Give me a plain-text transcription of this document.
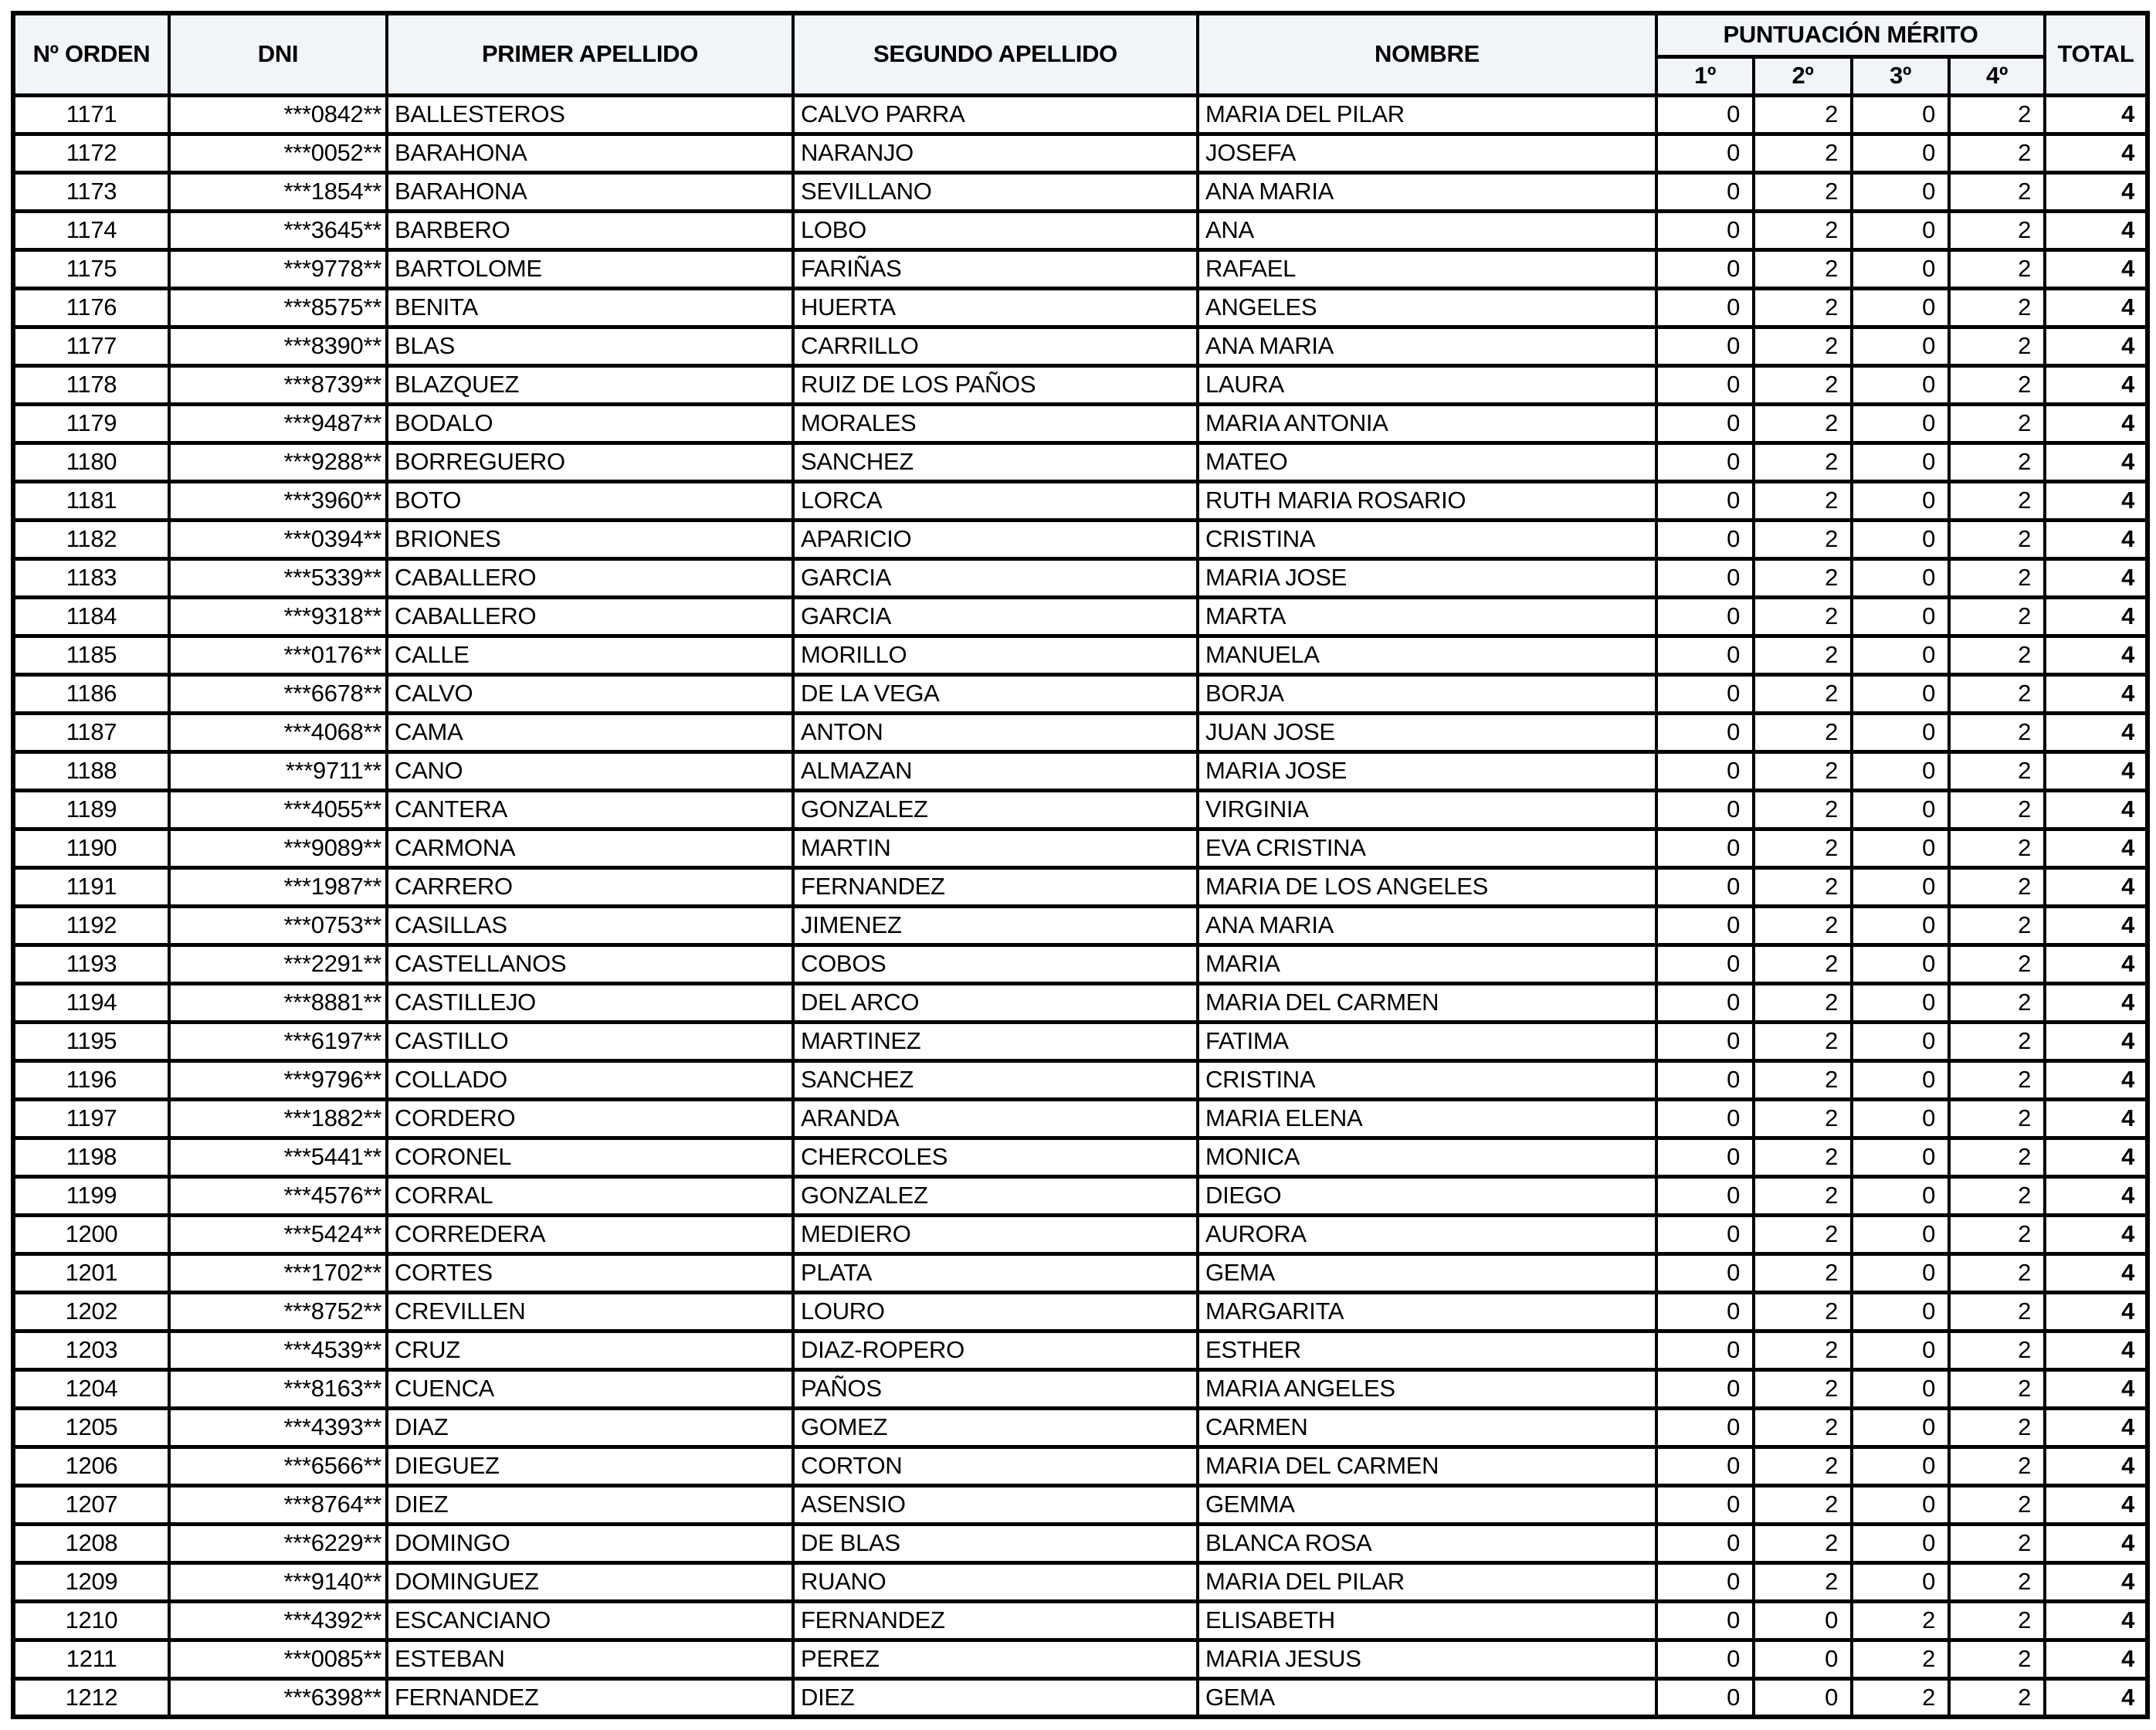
Nº ORDEN	DNI	PRIMER APELLIDO	SEGUNDO APELLIDO	NOMBRE	PUNTUACIÓN MÉRITO				TOTAL
					1º	2º	3º	4º	
1171	***0842**	BALLESTEROS	CALVO PARRA	MARIA DEL PILAR	0	2	0	2	4
1172	***0052**	BARAHONA	NARANJO	JOSEFA	0	2	0	2	4
1173	***1854**	BARAHONA	SEVILLANO	ANA MARIA	0	2	0	2	4
1174	***3645**	BARBERO	LOBO	ANA	0	2	0	2	4
1175	***9778**	BARTOLOME	FARIÑAS	RAFAEL	0	2	0	2	4
1176	***8575**	BENITA	HUERTA	ANGELES	0	2	0	2	4
1177	***8390**	BLAS	CARRILLO	ANA MARIA	0	2	0	2	4
1178	***8739**	BLAZQUEZ	RUIZ DE LOS PAÑOS	LAURA	0	2	0	2	4
1179	***9487**	BODALO	MORALES	MARIA ANTONIA	0	2	0	2	4
1180	***9288**	BORREGUERO	SANCHEZ	MATEO	0	2	0	2	4
1181	***3960**	BOTO	LORCA	RUTH MARIA ROSARIO	0	2	0	2	4
1182	***0394**	BRIONES	APARICIO	CRISTINA	0	2	0	2	4
1183	***5339**	CABALLERO	GARCIA	MARIA JOSE	0	2	0	2	4
1184	***9318**	CABALLERO	GARCIA	MARTA	0	2	0	2	4
1185	***0176**	CALLE	MORILLO	MANUELA	0	2	0	2	4
1186	***6678**	CALVO	DE LA VEGA	BORJA	0	2	0	2	4
1187	***4068**	CAMA	ANTON	JUAN JOSE	0	2	0	2	4
1188	***9711**	CANO	ALMAZAN	MARIA JOSE	0	2	0	2	4
1189	***4055**	CANTERA	GONZALEZ	VIRGINIA	0	2	0	2	4
1190	***9089**	CARMONA	MARTIN	EVA CRISTINA	0	2	0	2	4
1191	***1987**	CARRERO	FERNANDEZ	MARIA DE LOS ANGELES	0	2	0	2	4
1192	***0753**	CASILLAS	JIMENEZ	ANA MARIA	0	2	0	2	4
1193	***2291**	CASTELLANOS	COBOS	MARIA	0	2	0	2	4
1194	***8881**	CASTILLEJO	DEL ARCO	MARIA DEL CARMEN	0	2	0	2	4
1195	***6197**	CASTILLO	MARTINEZ	FATIMA	0	2	0	2	4
1196	***9796**	COLLADO	SANCHEZ	CRISTINA	0	2	0	2	4
1197	***1882**	CORDERO	ARANDA	MARIA ELENA	0	2	0	2	4
1198	***5441**	CORONEL	CHERCOLES	MONICA	0	2	0	2	4
1199	***4576**	CORRAL	GONZALEZ	DIEGO	0	2	0	2	4
1200	***5424**	CORREDERA	MEDIERO	AURORA	0	2	0	2	4
1201	***1702**	CORTES	PLATA	GEMA	0	2	0	2	4
1202	***8752**	CREVILLEN	LOURO	MARGARITA	0	2	0	2	4
1203	***4539**	CRUZ	DIAZ-ROPERO	ESTHER	0	2	0	2	4
1204	***8163**	CUENCA	PAÑOS	MARIA ANGELES	0	2	0	2	4
1205	***4393**	DIAZ	GOMEZ	CARMEN	0	2	0	2	4
1206	***6566**	DIEGUEZ	CORTON	MARIA DEL CARMEN	0	2	0	2	4
1207	***8764**	DIEZ	ASENSIO	GEMMA	0	2	0	2	4
1208	***6229**	DOMINGO	DE BLAS	BLANCA ROSA	0	2	0	2	4
1209	***9140**	DOMINGUEZ	RUANO	MARIA DEL PILAR	0	2	0	2	4
1210	***4392**	ESCANCIANO	FERNANDEZ	ELISABETH	0	0	2	2	4
1211	***0085**	ESTEBAN	PEREZ	MARIA JESUS	0	0	2	2	4
1212	***6398**	FERNANDEZ	DIEZ	GEMA	0	0	2	2	4
